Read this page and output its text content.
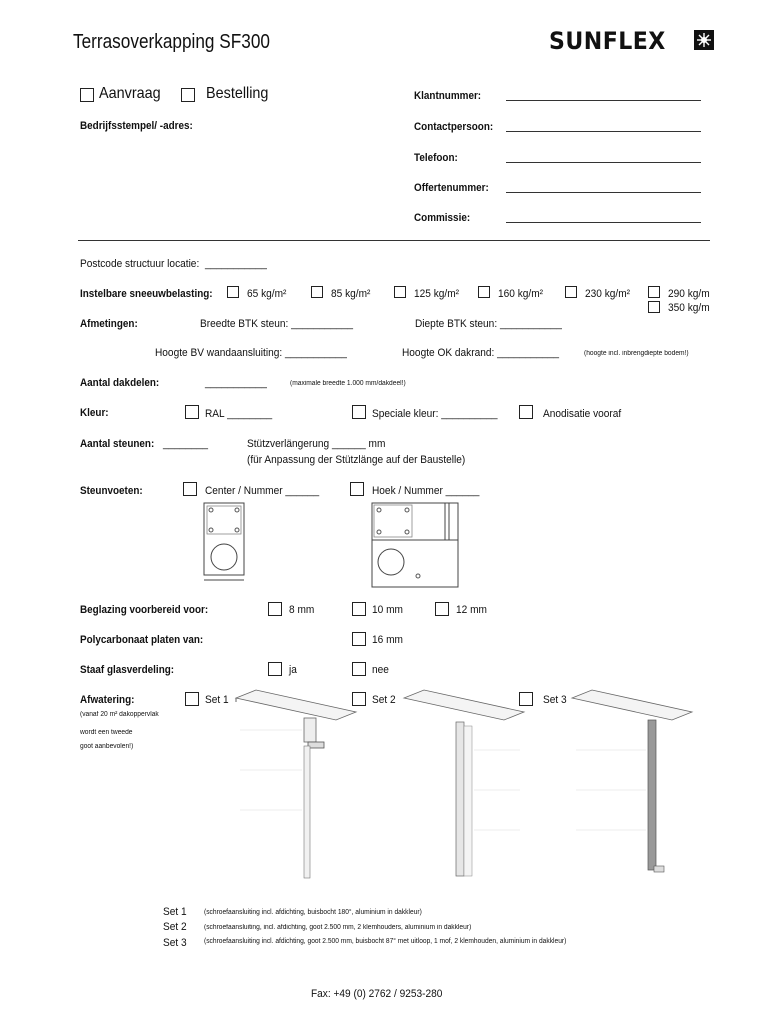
Terrasoverkapping SF300	SUNFLEX
Aanvraag	Bestelling
Bedrijfsstempel/ -adres:
Klantnummer:
Contactpersoon:
Telefoon:
Offertenummer:
Commissie:
Postcode structuur locatie: ___________
Instelbare sneeuwbelasting:	65 kg/m²	85 kg/m²	125 kg/m²	160 kg/m²	230 kg/m²	290 kg/m
350 kg/m
Afmetingen:	Breedte BTK steun: ___________	Diepte BTK steun: ___________
Hoogte BV wandaansluiting: ___________	Hoogte OK dakrand: ___________	(hoogte incl. inbrengdiepte bodem!)
Aantal dakdelen:	___________	(maximale breedte 1.000 mm/dakdeel!)
Kleur:	RAL ________	Speciale kleur: __________	Anodisatie vooraf
Aantal steunen: ________	Stützverlängerung ______ mm
(für Anpassung der Stützlänge auf der Baustelle)
Steunvoeten:	Center / Nummer ______	Hoek / Nummer ______
Beglazing voorbereid voor:	8 mm	10 mm	12 mm
Polycarbonaat platen van:	16 mm
Staaf glasverdeling:	ja	nee
Afwatering:
(vanaf 20 m² dakoppervlak
wordt een tweede
goot aanbevolen!)
Set 1	Set 2	Set 3
Set 1 (schroefaansluiting incl. afdichting, buisbocht 180°, aluminium in dakkleur)
Set 2 (schroefaansluiting, incl. afdichting, goot 2.500 mm, 2 klemhouders, aluminium in dakkleur)
Set 3 (schroefaansluiting incl. afdichting, goot 2.500 mm, buisbocht 87° met uitloop, 1 mof, 2 klemhouden, aluminium in dakkleur)
Fax: +49 (0) 2762 / 9253-280
